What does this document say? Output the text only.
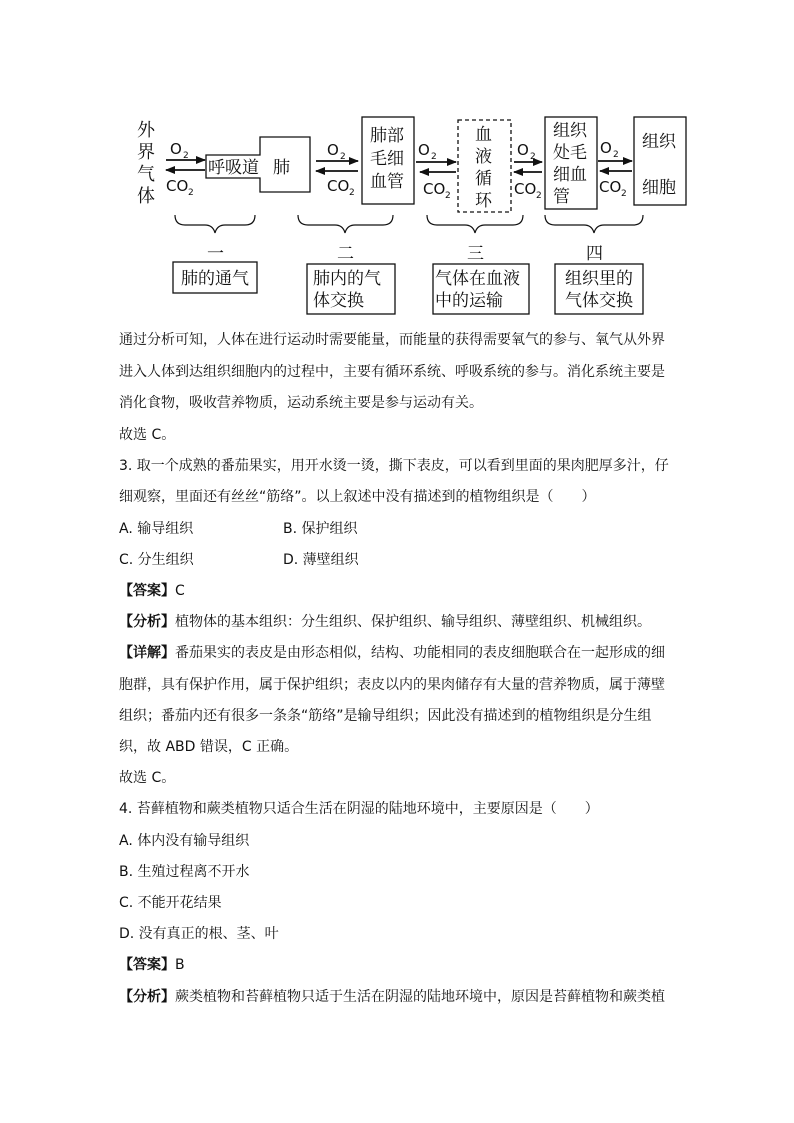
外
界
气
体
O 2
CO 2
呼吸道 肺
O 2
CO 2
肺部
毛细
血管
O 2
CO 2
血
液
循
环
O 2
CO 2
组织
处毛
细血
管
O 2
CO 2
组织
细胞
一	二	三	四
肺的通气	肺内的气
体交换
气体在血液
中的运输
组织里的
气体交换
通过分析可知，人体在进行运动时需要能量，而能量的获得需要氧气的参与、氧气从外界
进入人体到达组织细胞内的过程中，主要有循环系统、呼吸系统的参与。消化系统主要是
消化食物，吸收营养物质，运动系统主要是参与运动有关。
故选 C。
3. 取一个成熟的番茄果实，用开水烫一烫，撕下表皮，可以看到里面的果肉肥厚多汁，仔
细观察，里面还有丝丝“筋络”。以上叙述中没有描述到的植物组织是（　　）
A. 输导组织	B. 保护组织
C. 分生组织	D. 薄壁组织
【答案】C
【分析】植物体的基本组织：分生组织、保护组织、输导组织、薄壁组织、机械组织。
【详解】番茄果实的表皮是由形态相似，结构、功能相同的表皮细胞联合在一起形成的细
胞群，具有保护作用，属于保护组织；表皮以内的果肉储存有大量的营养物质，属于薄壁
组织；番茄内还有很多一条条“筋络”是输导组织；因此没有描述到的植物组织是分生组
织，故 ABD 错误，C 正确。
故选 C。
4. 苔藓植物和蕨类植物只适合生活在阴湿的陆地环境中，主要原因是（　　）
A. 体内没有输导组织
B. 生殖过程离不开水
C. 不能开花结果
D. 没有真正的根、茎、叶
【答案】B
【分析】蕨类植物和苔藓植物只适于生活在阴湿的陆地环境中，原因是苔藓植物和蕨类植
